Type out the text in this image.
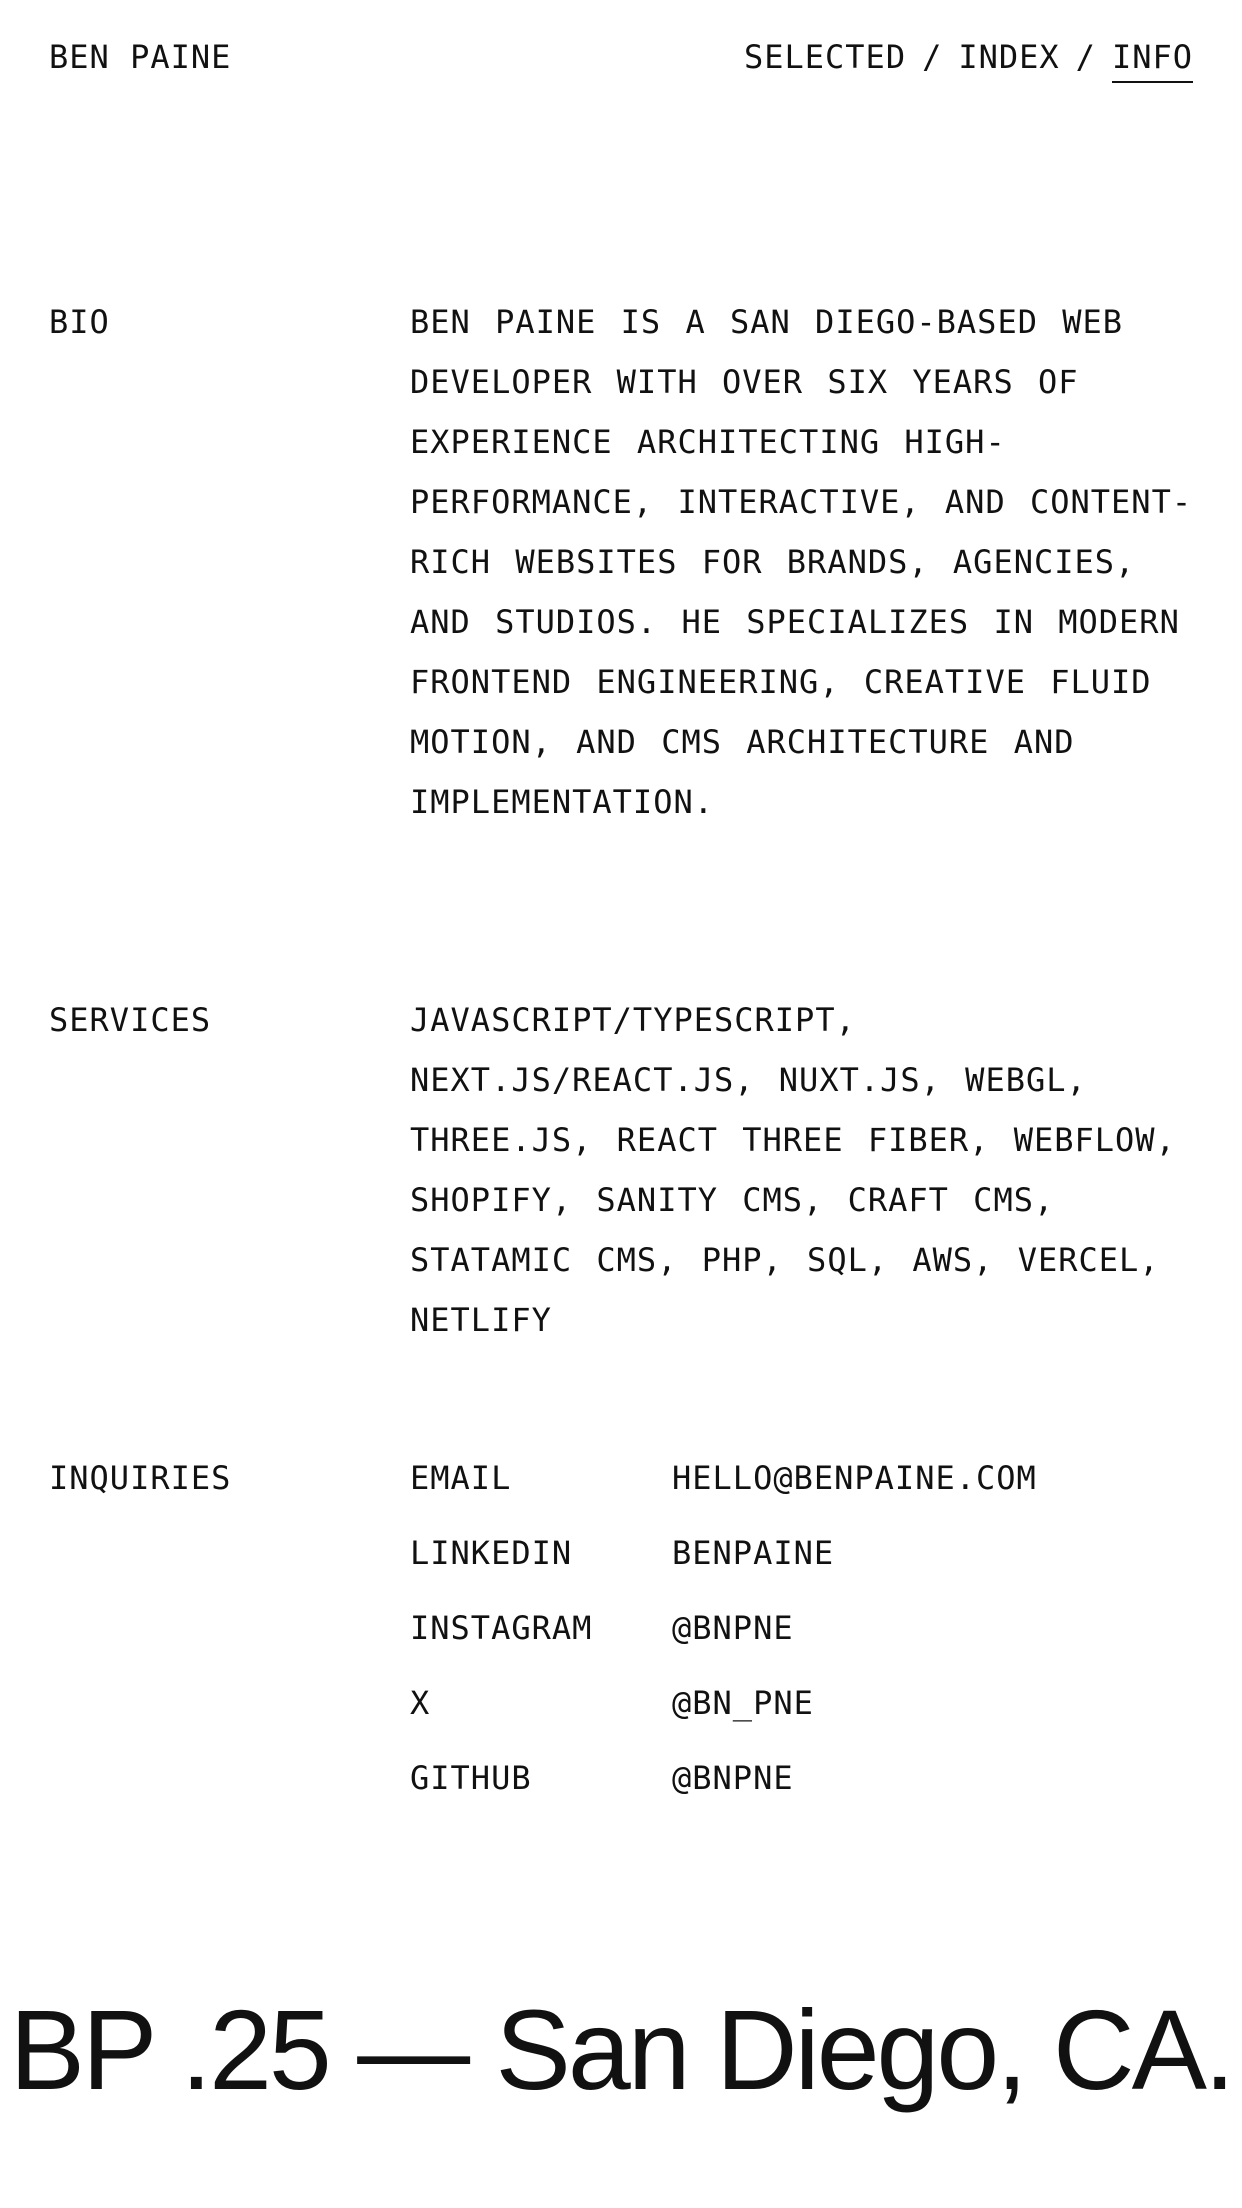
BEN PAINE	SELECTED / INDEX / INFO
BIO	BEN PAINE IS A SAN DIEGO-BASED WEB DEVELOPER WITH OVER SIX YEARS OF EXPERIENCE ARCHITECTING HIGH-PERFORMANCE, INTERACTIVE, AND CONTENT-RICH WEBSITES FOR BRANDS, AGENCIES, AND STUDIOS. HE SPECIALIZES IN MODERN FRONTEND ENGINEERING, CREATIVE FLUID MOTION, AND CMS ARCHITECTURE AND IMPLEMENTATION.
SERVICES	JAVASCRIPT/TYPESCRIPT, NEXT.JS/REACT.JS, NUXT.JS, WEBGL, THREE.JS, REACT THREE FIBER, WEBFLOW, SHOPIFY, SANITY CMS, CRAFT CMS, STATAMIC CMS, PHP, SQL, AWS, VERCEL, NETLIFY
INQUIRIES	EMAIL	HELLO@BENPAINE.COM
LINKEDIN	BENPAINE
INSTAGRAM	@BNPNE
X	@BN_PNE
GITHUB	@BNPNE
BP .25 — San Diego, CA.
